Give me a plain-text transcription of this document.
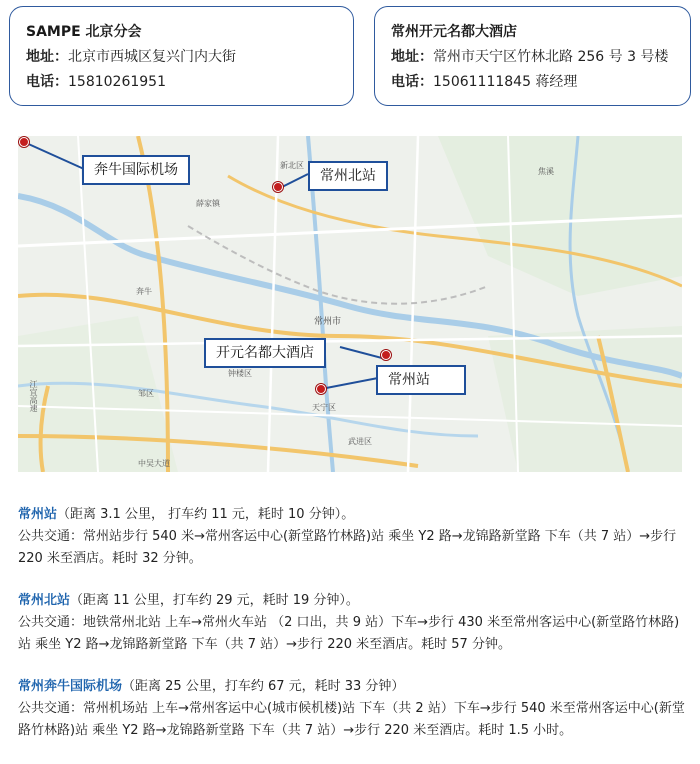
SAMPE 北京分会
地址：北京市西城区复兴门内大街
电话：15810261951
常州开元名都大酒店
地址：常州市天宁区竹林北路 256 号 3 号楼
电话：15061111845 蒋经理
新北区
常州市
天宁区
武进区
钟楼区
薛家镇
奔牛
邹区
焦溪
中吴大道
江宜高速
奔牛国际机场	常州北站
开元名都大酒店
常州站
常州站（距离 3.1 公里， 打车约 11 元，耗时 10 分钟）。
公共交通：常州站步行 540 米→常州客运中心(新堂路竹林路)站 乘坐 Y2 路→龙锦路新堂路 下车（共 7 站）→步行 220 米至酒店。耗时 32 分钟。
常州北站（距离 11 公里，打车约 29 元，耗时 19 分钟）。
公共交通：地铁常州北站 上车→常州火车站 （2 口出，共 9 站）下车→步行 430 米至常州客运中心(新堂路竹林路)站 乘坐 Y2 路→龙锦路新堂路 下车（共 7 站）→步行 220 米至酒店。耗时 57 分钟。
常州奔牛国际机场（距离 25 公里，打车约 67 元，耗时 33 分钟）
公共交通：常州机场站 上车→常州客运中心(城市候机楼)站 下车（共 2 站）下车→步行 540 米至常州客运中心(新堂路竹林路)站 乘坐 Y2 路→龙锦路新堂路 下车（共 7 站）→步行 220 米至酒店。耗时 1.5 小时。
